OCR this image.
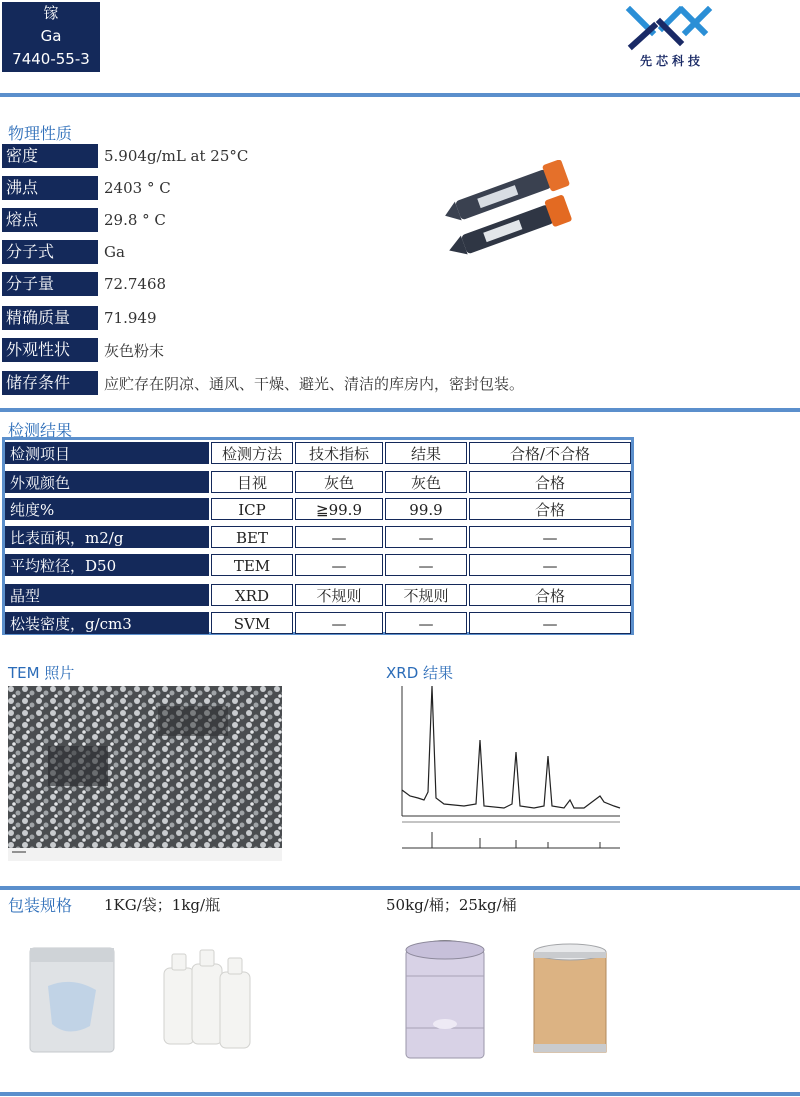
镓
Ga
7440-55-3	先芯科技
物理性质
密度	5.904g/mL at 25°C
沸点	2403 ° C
熔点	29.8 ° C
分子式	Ga
分子量	72.7468
精确质量	71.949
外观性状	灰色粉末
储存条件	应贮存在阴凉、通风、干燥、避光、清洁的库房内，密封包装。
检测结果
检测项目	检测方法	技术指标	结果	合格/不合格
外观颜色	目视	灰色	灰色	合格
纯度%	ICP	≧99.9	99.9	合格
比表面积，m2/g	BET	—	—	—
平均粒径，D50	TEM	—	—	—
晶型	XRD	不规则	不规则	合格
松装密度，g/cm3	SVM	—	—	—
TEM 照片	XRD 结果
包装规格 1KG/袋；1kg/瓶	50kg/桶；25kg/桶
